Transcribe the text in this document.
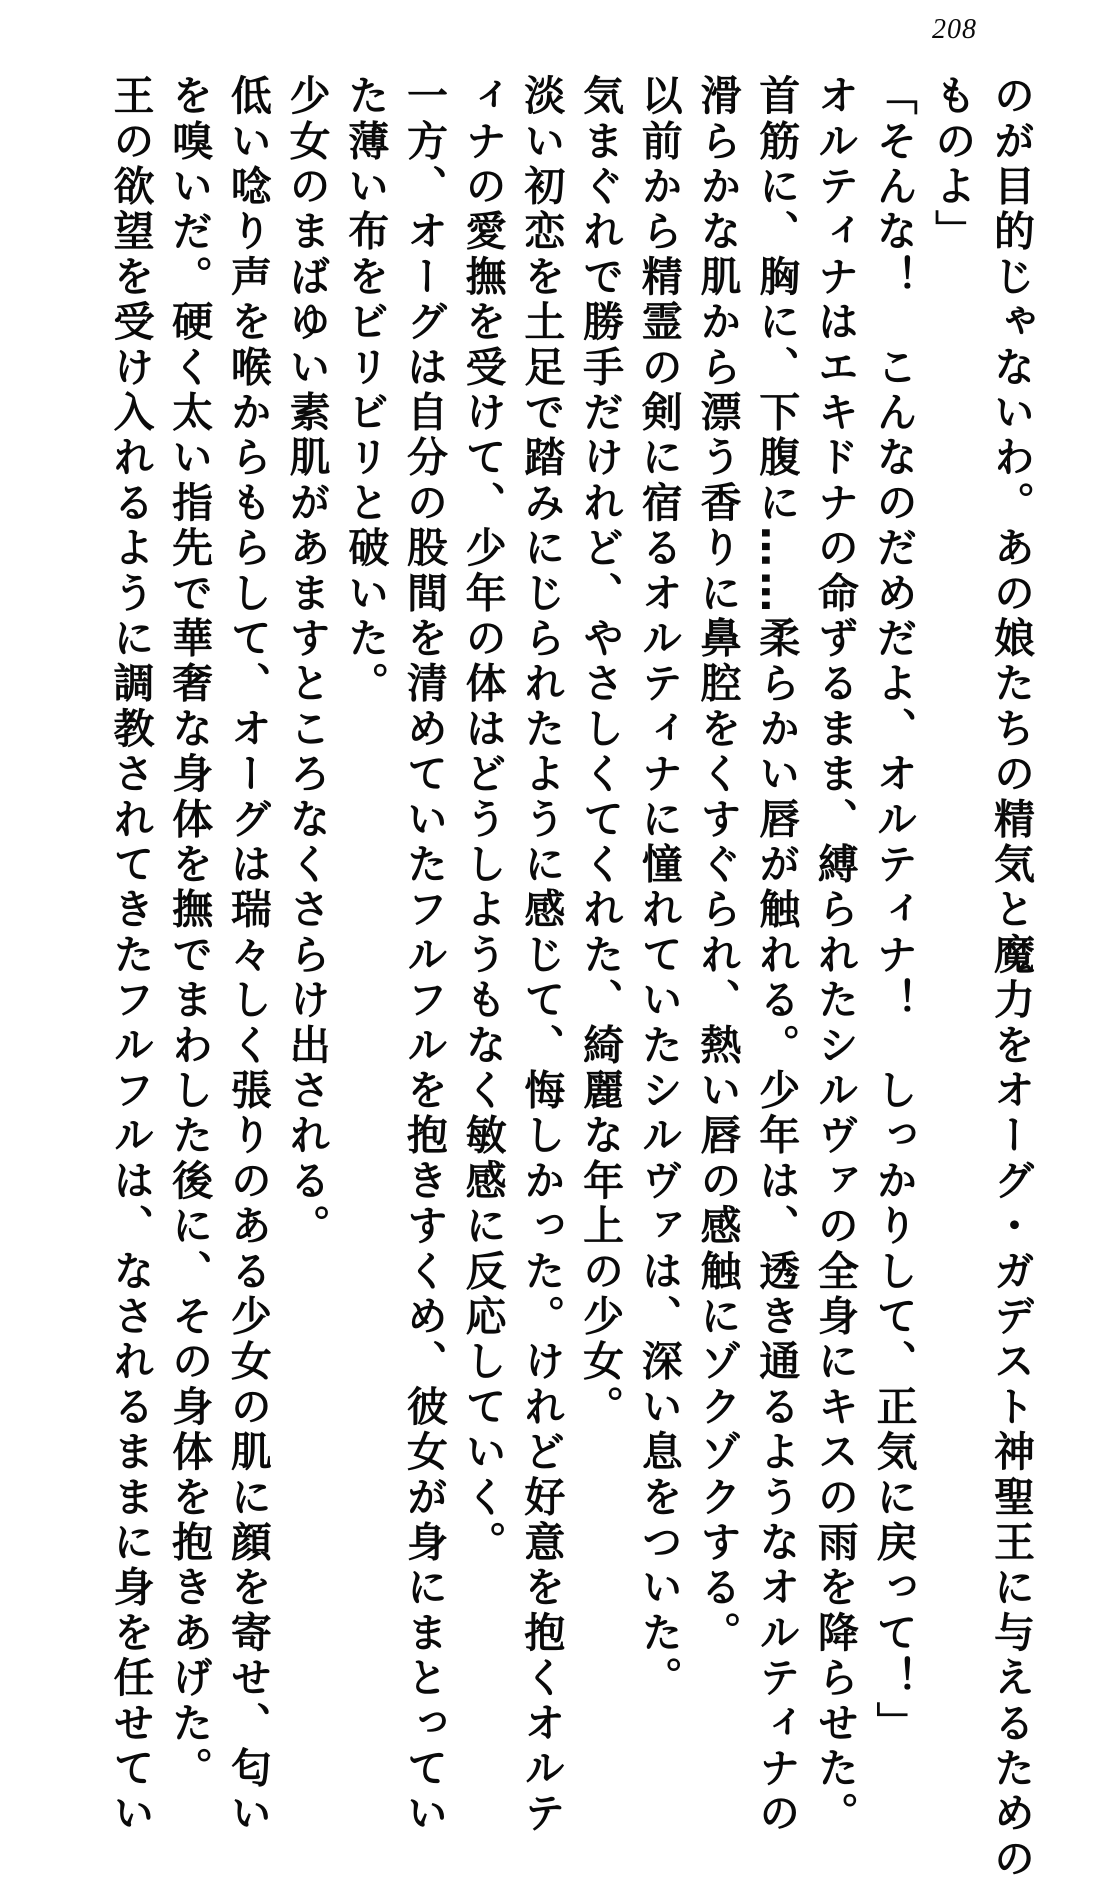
208
のが目的じゃないわ。あの娘たちの精気と魔力をオーグ・ガデスト神聖王に与えるための
ものよ」
「そんな！　こんなのだめだよ、オルティナ！　しっかりして、正気に戻って！」
オルティナはエキドナの命ずるまま、縛られたシルヴァの全身にキスの雨を降らせた。
首筋に、胸に、下腹に……柔らかい唇が触れる。少年は、透き通るようなオルティナの
滑らかな肌から漂う香りに鼻腔をくすぐられ、熱い唇の感触にゾクゾクする。
以前から精霊の剣に宿るオルティナに憧れていたシルヴァは、深い息をついた。
気まぐれで勝手だけれど、やさしくてくれた、綺麗な年上の少女。
淡い初恋を土足で踏みにじられたように感じて、悔しかった。けれど好意を抱くオルテ
ィナの愛撫を受けて、少年の体はどうしようもなく敏感に反応していく。
一方、オーグは自分の股間を清めていたフルフルを抱きすくめ、彼女が身にまとってい
た薄い布をビリビリと破いた。
少女のまばゆい素肌があますところなくさらけ出される。
低い唸り声を喉からもらして、オーグは瑞々しく張りのある少女の肌に顔を寄せ、匂い
を嗅いだ。硬く太い指先で華奢な身体を撫でまわした後に、その身体を抱きあげた。
王の欲望を受け入れるように調教されてきたフルフルは、なされるままに身を任せてい
